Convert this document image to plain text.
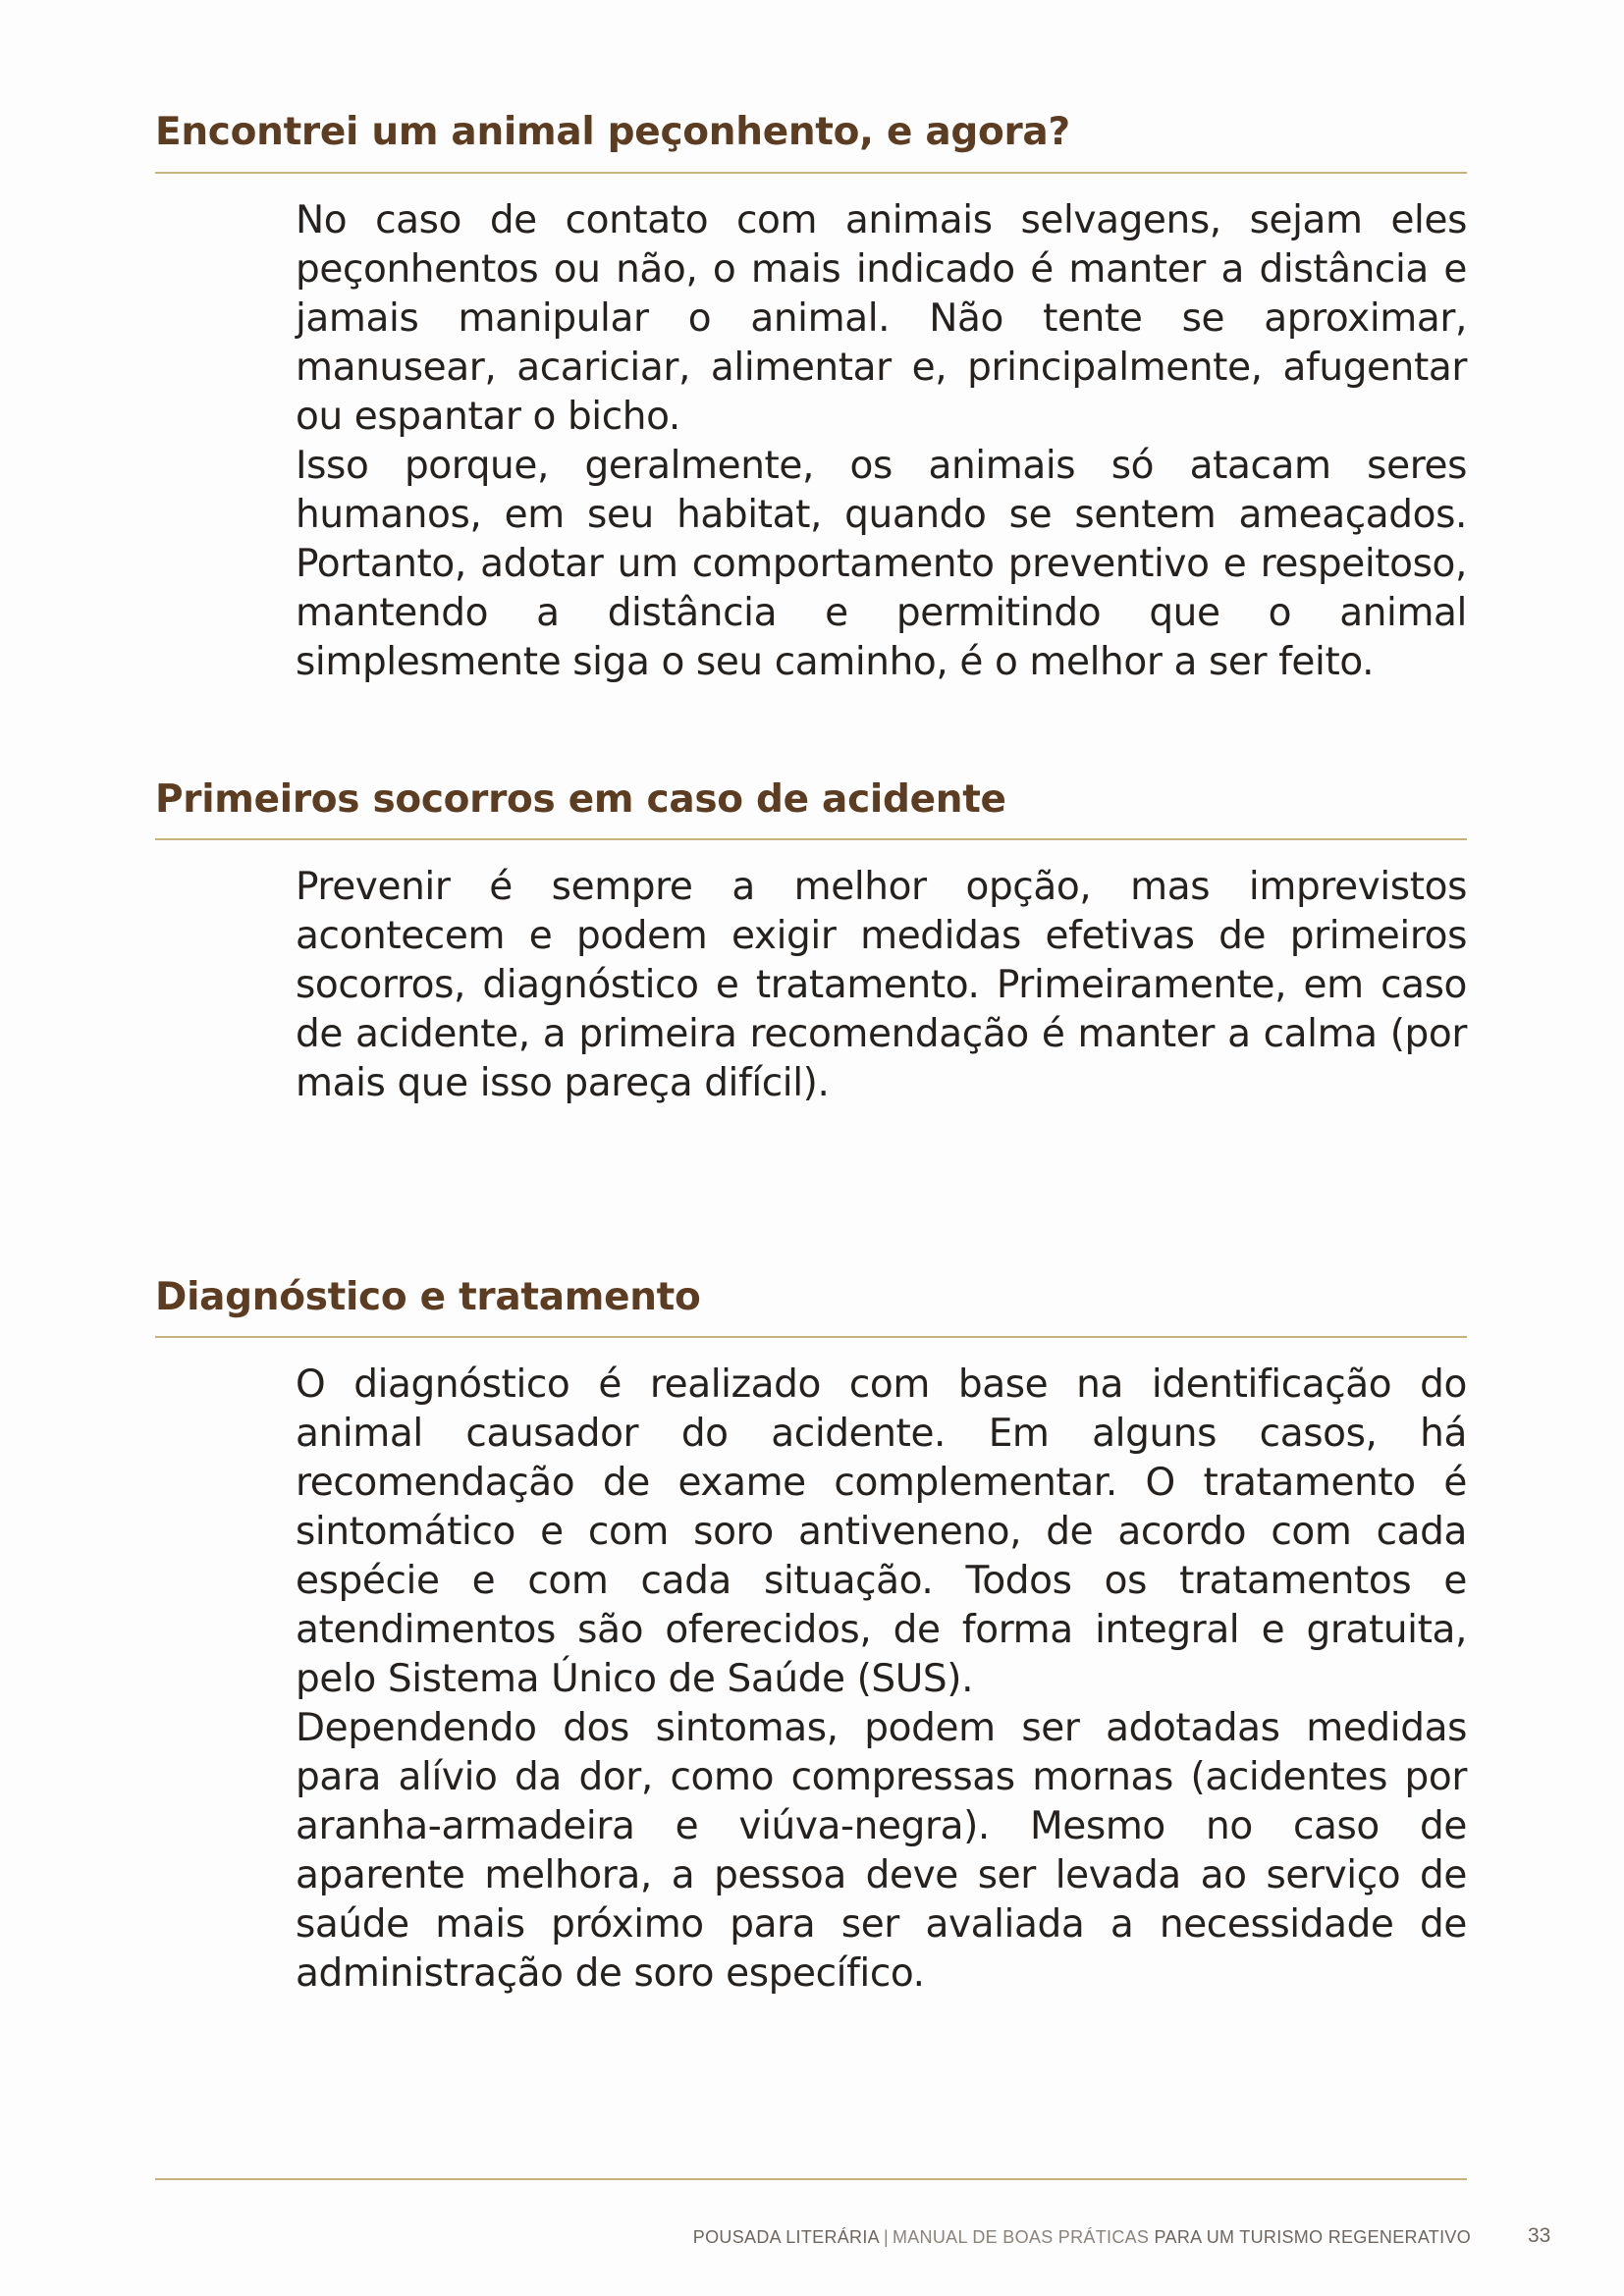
Encontrei um animal peçonhento, e agora?

No caso de contato com animais selvagens, sejam eles peçonhentos ou não, o mais indicado é manter a distância e jamais manipular o animal. Não tente se aproximar, manusear, acariciar, alimentar e, principalmente, afugentar ou espantar o bicho.

Isso porque, geralmente, os animais só atacam seres humanos, em seu habitat, quando se sentem ameaçados. Portanto, adotar um comportamento preventivo e respeitoso, mantendo a distância e permitindo que o animal simplesmente siga o seu caminho, é o melhor a ser feito.

Primeiros socorros em caso de acidente

Prevenir é sempre a melhor opção, mas imprevistos acontecem e podem exigir medidas efetivas de primeiros socorros, diagnóstico e tratamento. Primeiramente, em caso de acidente, a primeira recomendação é manter a calma (por mais que isso pareça difícil).

Diagnóstico e tratamento

O diagnóstico é realizado com base na identificação do animal causador do acidente. Em alguns casos, há recomendação de exame complementar. O tratamento é sintomático e com soro antiveneno, de acordo com cada espécie e com cada situação. Todos os tratamentos e atendimentos são oferecidos, de forma integral e gratuita, pelo Sistema Único de Saúde (SUS).

Dependendo dos sintomas, podem ser adotadas medidas para alívio da dor, como compressas mornas (acidentes por aranha-armadeira e viúva-negra). Mesmo no caso de aparente melhora, a pessoa deve ser levada ao serviço de saúde mais próximo para ser avaliada a necessidade de administração de soro específico.

POUSADA LITERÁRIA | MANUAL DE BOAS PRÁTICAS PARA UM TURISMO REGENERATIVO	33
